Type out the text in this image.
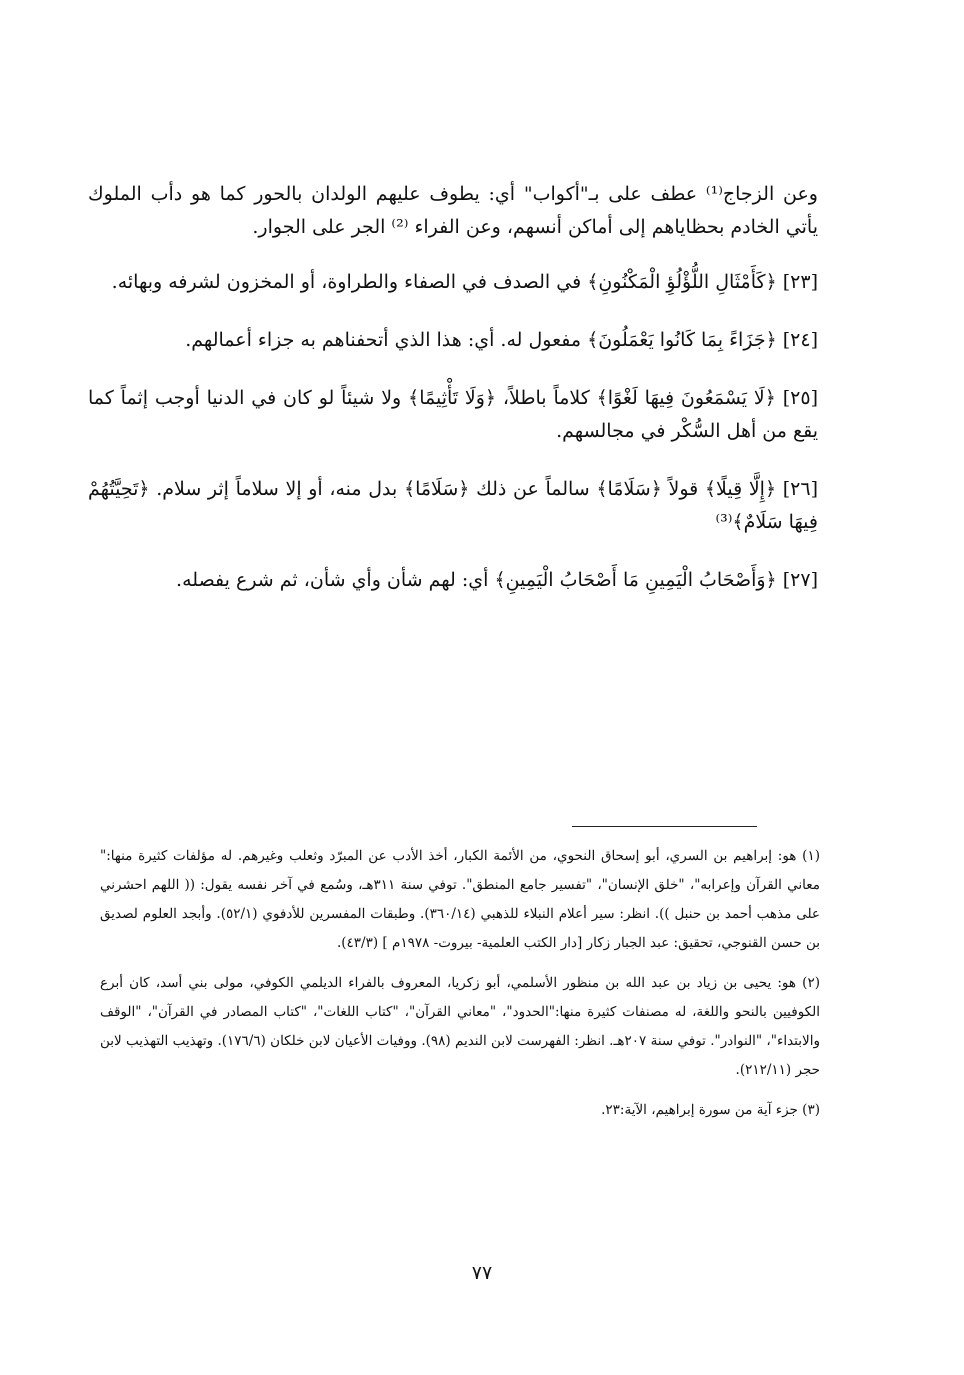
وعن الزجاج⁽¹⁾ عطف على بـ"أكواب" أي: يطوف عليهم الولدان بالحور كما هو دأب الملوك يأتي الخادم بحظاياهم إلى أماكن أنسهم، وعن الفراء ⁽²⁾ الجر على الجوار.

[٢٣] ﴿كَأَمْثَالِ اللُّؤْلُؤِ الْمَكْنُونِ﴾ في الصدف في الصفاء والطراوة، أو المخزون لشرفه وبهائه.

[٢٤] ﴿جَزَاءً بِمَا كَانُوا يَعْمَلُونَ﴾ مفعول له. أي: هذا الذي أتحفناهم به جزاء أعمالهم.

[٢٥] ﴿لَا يَسْمَعُونَ فِيهَا لَغْوًا﴾ كلاماً باطلاً، ﴿وَلَا تَأْثِيمًا﴾ ولا شيئاً لو كان في الدنيا أوجب إثماً كما يقع من أهل السُّكْر في مجالسهم.

[٢٦] ﴿إِلَّا قِيلًا﴾ قولاً ﴿سَلَامًا﴾ سالماً عن ذلك ﴿سَلَامًا﴾ بدل منه، أو إلا سلاماً إثر سلام. ﴿تَحِيَّتُهُمْ فِيهَا سَلَامٌ﴾⁽³⁾

[٢٧] ﴿وَأَصْحَابُ الْيَمِينِ مَا أَصْحَابُ الْيَمِينِ﴾ أي: لهم شأن وأي شأن، ثم شرع يفصله.

(١) هو: إبراهيم بن السري، أبو إسحاق النحوي، من الأئمة الكبار، أخذ الأدب عن المبرّد وثعلب وغيرهم. له مؤلفات كثيرة منها:" معاني القرآن وإعرابه"، "خلق الإنسان"، "تفسير جامع المنطق". توفي سنة ٣١١هـ، وسُمع في آخر نفسه يقول: (( اللهم احشرني على مذهب أحمد بن حنبل )). انظر: سير أعلام النبلاء للذهبي (٣٦٠/١٤). وطبقات المفسرين للأدفوي (٥٢/١). وأبجد العلوم لصديق بن حسن القنوجي، تحقيق: عبد الجبار زكار [دار الكتب العلمية- بيروت- ١٩٧٨م ] (٤٣/٣).

(٢) هو: يحيى بن زياد بن عبد الله بن منظور الأسلمي، أبو زكريا، المعروف بالفراء الديلمي الكوفي، مولى بني أسد، كان أبرع الكوفيين بالنحو واللغة، له مصنفات كثيرة منها:"الحدود"، "معاني القرآن"، "كتاب اللغات"، "كتاب المصادر في القرآن"، "الوقف والابتداء"، "النوادر". توفي سنة ٢٠٧هـ. انظر: الفهرست لابن النديم (٩٨). ووفيات الأعيان لابن خلكان (١٧٦/٦). وتهذيب التهذيب لابن حجر (٢١٢/١١).

(٣) جزء آية من سورة إبراهيم، الآية:٢٣.

٧٧
